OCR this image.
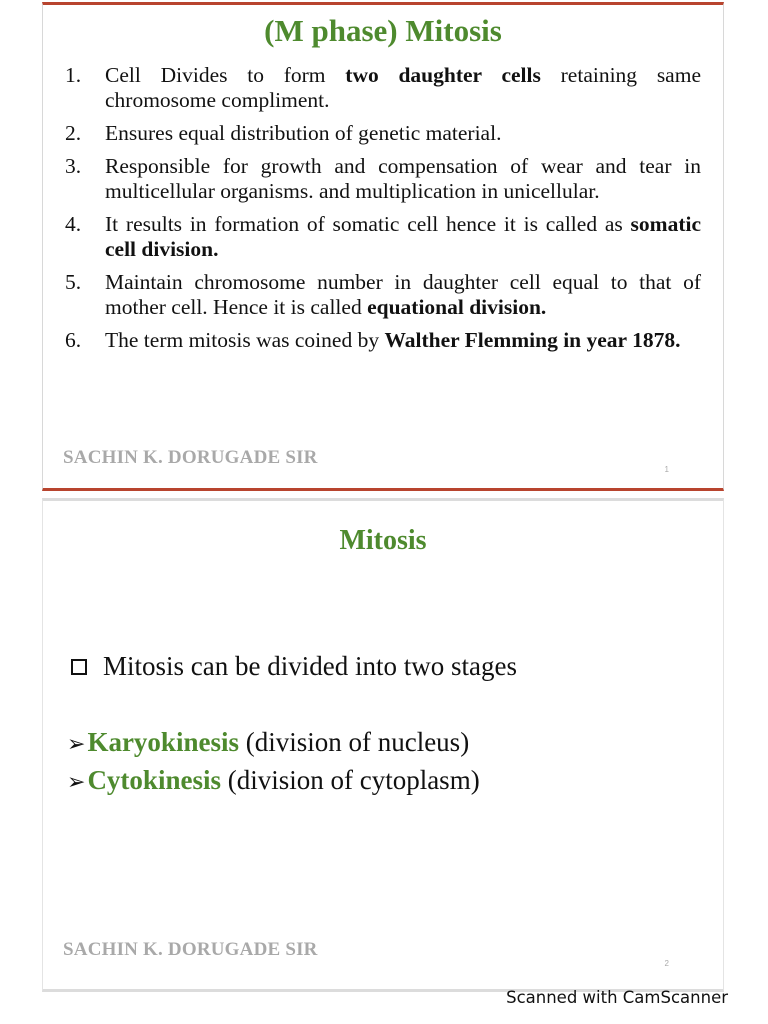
(M phase) Mitosis
1. Cell Divides to form two daughter cells retaining same chromosome compliment.
2. Ensures equal distribution of genetic material.
3. Responsible for growth and compensation of wear and tear in multicellular organisms. and multiplication in unicellular.
4. It results in formation of somatic cell hence it is called as somatic cell division.
5. Maintain chromosome number in daughter cell equal to that of mother cell. Hence it is called equational division.
6. The term mitosis was coined by Walther Flemming in year 1878.
SACHIN K. DORUGADE SIR
1
Mitosis
Mitosis can be divided into two stages
➢Karyokinesis (division of nucleus)
➢Cytokinesis (division of cytoplasm)
SACHIN K. DORUGADE SIR
2
Scanned with CamScanner
